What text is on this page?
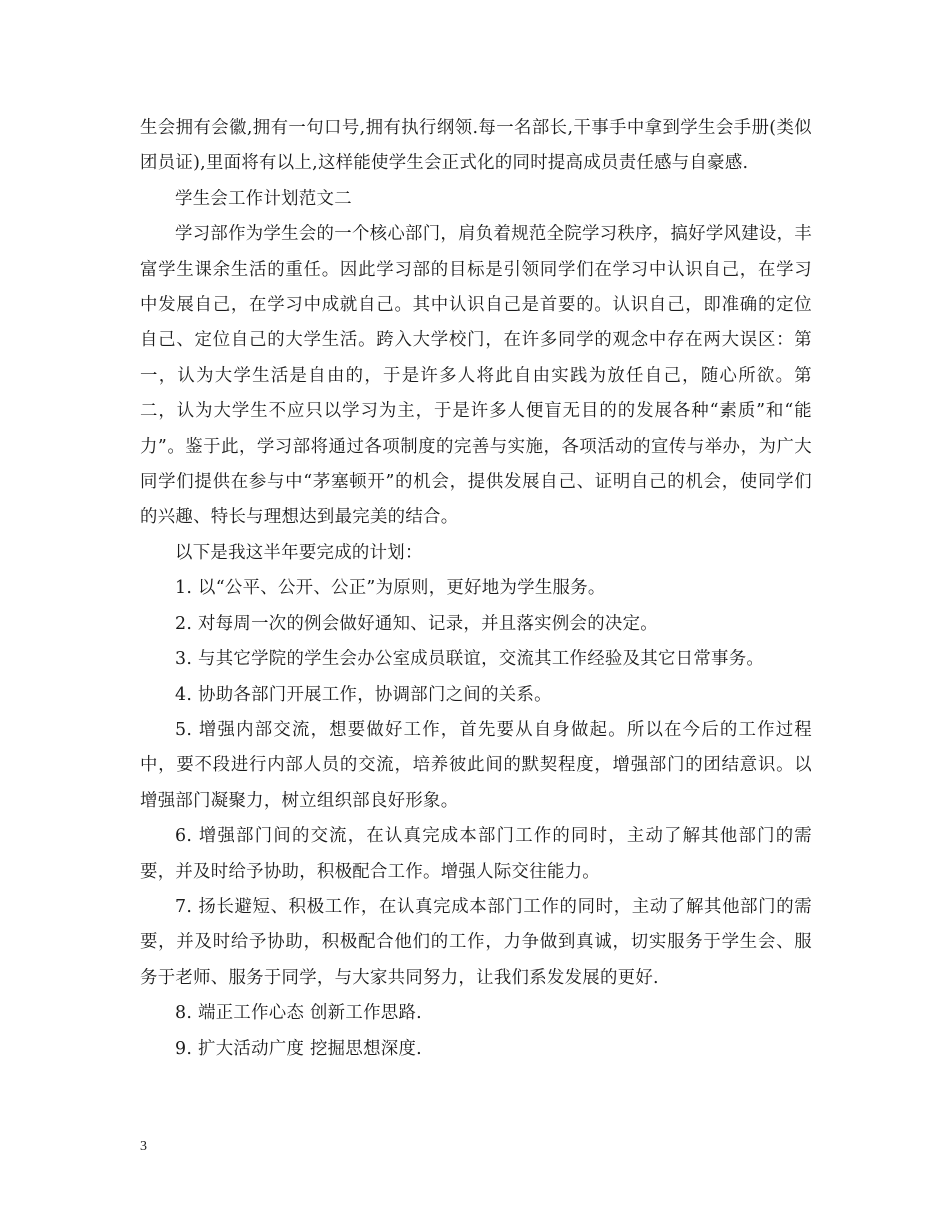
生会拥有会徽,拥有一句口号,拥有执行纲领.每一名部长,干事手中拿到学生会手册(类似团员证),里面将有以上,这样能使学生会正式化的同时提高成员责任感与自豪感.

学生会工作计划范文二

学习部作为学生会的一个核心部门，肩负着规范全院学习秩序，搞好学风建设，丰富学生课余生活的重任。因此学习部的目标是引领同学们在学习中认识自己，在学习中发展自己，在学习中成就自己。其中认识自己是首要的。认识自己，即准确的定位自己、定位自己的大学生活。跨入大学校门，在许多同学的观念中存在两大误区：第一，认为大学生活是自由的，于是许多人将此自由实践为放任自己，随心所欲。第二，认为大学生不应只以学习为主，于是许多人便盲无目的的发展各种“素质”和“能力”。鉴于此，学习部将通过各项制度的完善与实施，各项活动的宣传与举办，为广大同学们提供在参与中“茅塞顿开”的机会，提供发展自己、证明自己的机会，使同学们的兴趣、特长与理想达到最完美的结合。

以下是我这半年要完成的计划：

1. 以“公平、公开、公正”为原则，更好地为学生服务。

2. 对每周一次的例会做好通知、记录，并且落实例会的决定。

3. 与其它学院的学生会办公室成员联谊，交流其工作经验及其它日常事务。

4. 协助各部门开展工作，协调部门之间的关系。

5. 增强内部交流，想要做好工作，首先要从自身做起。所以在今后的工作过程中，要不段进行内部人员的交流，培养彼此间的默契程度，增强部门的团结意识。以增强部门凝聚力，树立组织部良好形象。

6. 增强部门间的交流，在认真完成本部门工作的同时，主动了解其他部门的需要，并及时给予协助，积极配合工作。增强人际交往能力。

7. 扬长避短、积极工作，在认真完成本部门工作的同时，主动了解其他部门的需要，并及时给予协助，积极配合他们的工作，力争做到真诚，切实服务于学生会、服务于老师、服务于同学，与大家共同努力，让我们系发发展的更好.

8. 端正工作心态 创新工作思路.

9. 扩大活动广度 挖掘思想深度.

3
